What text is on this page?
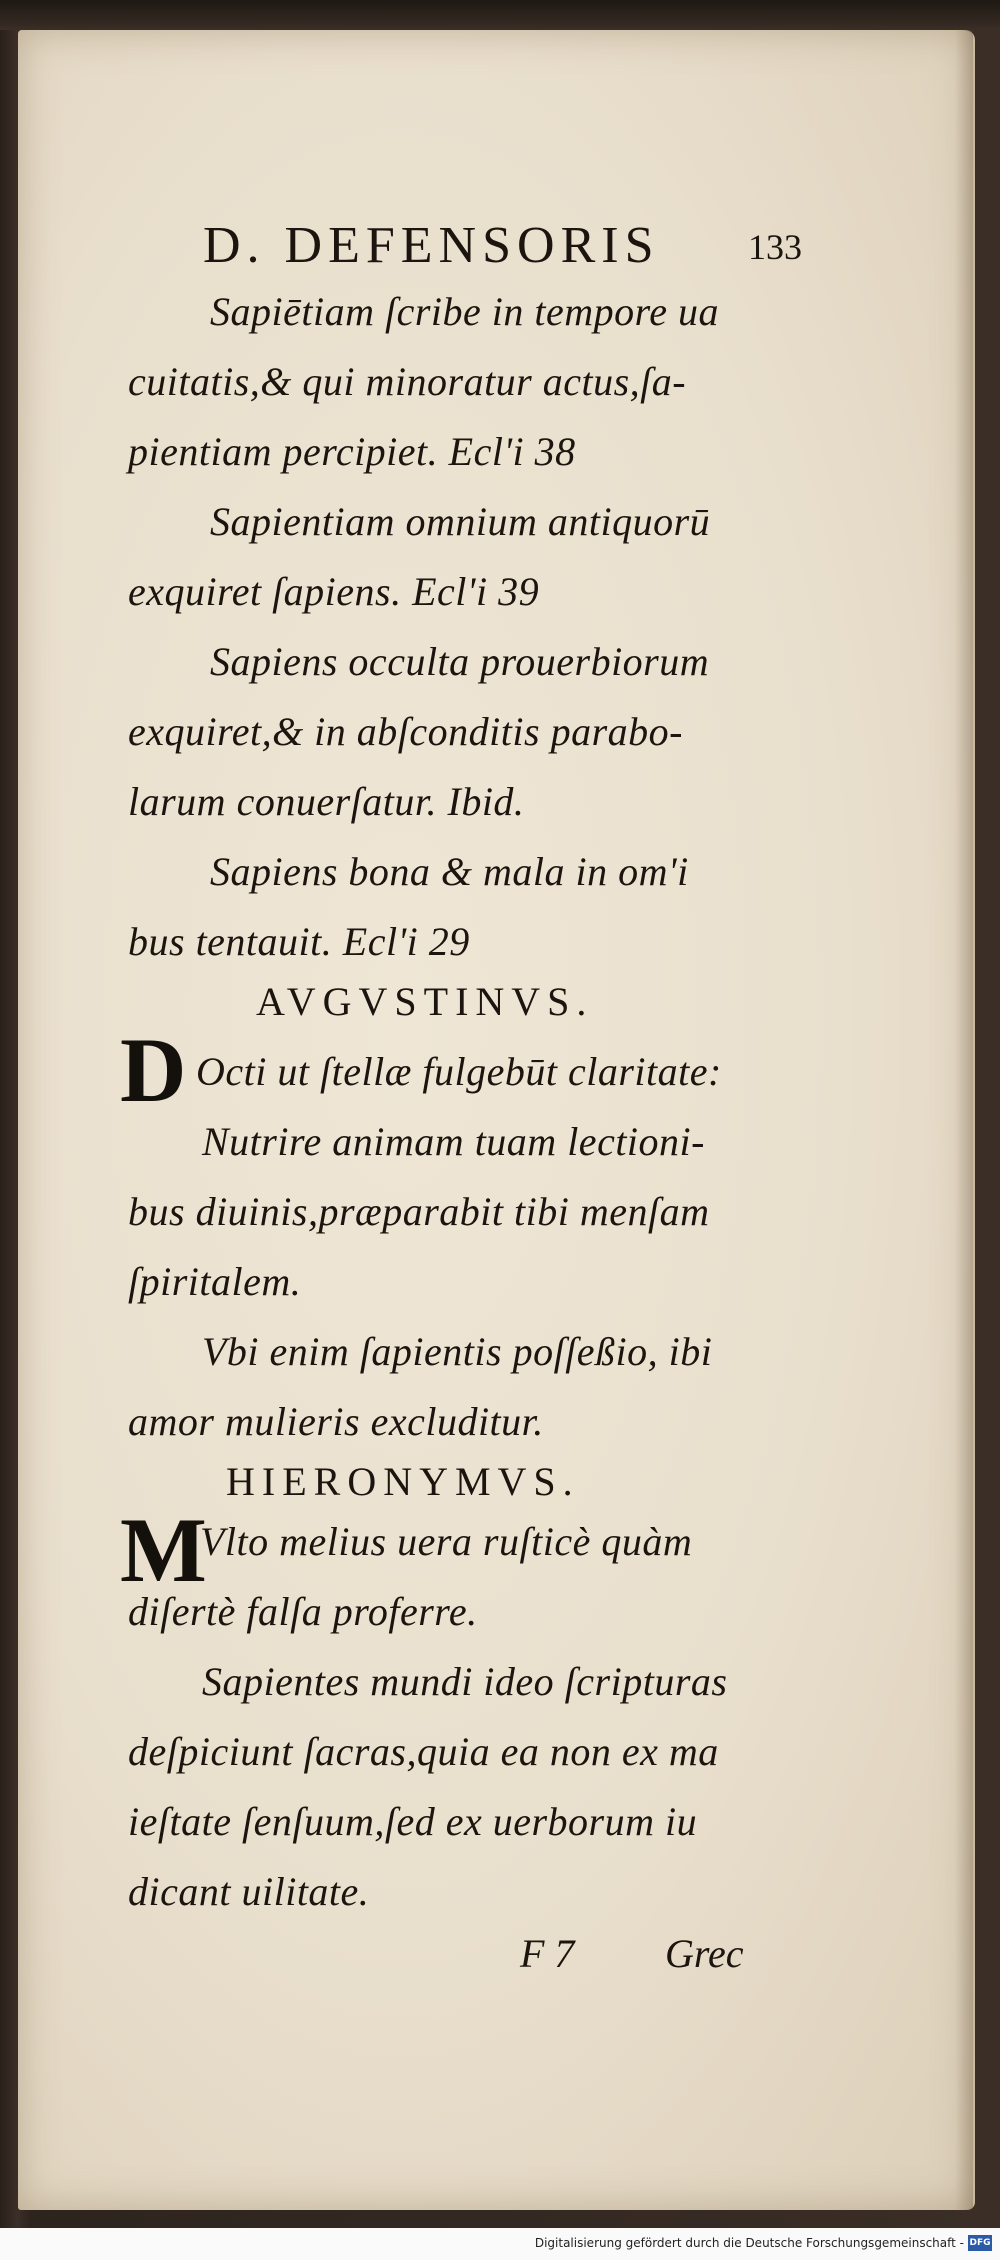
D. DEFENSORIS 133
Sapiētiam ſcribe in tempore ua
cuitatis,& qui minoratur actus,ſa-
pientiam percipiet. Ecl'i 38
Sapientiam omnium antiquorū
exquiret ſapiens. Ecl'i 39
Sapiens occulta prouerbiorum
exquiret,& in abſconditis parabo-
larum conuerſatur. Ibid.
Sapiens bona & mala in om'i
bus tentauit. Ecl'i 29
AVGVSTINVS.
D Octi ut ſtellæ fulgebūt claritate:
Nutrire animam tuam lectioni-
bus diuinis,præparabit tibi menſam
ſpiritalem.
Vbi enim ſapientis poſſeßio, ibi
amor mulieris excluditur.
HIERONYMVS.
M
Vlto melius uera ruſticè quàm
diſertè falſa proferre.
Sapientes mundi ideo ſcripturas
deſpiciunt ſacras,quia ea non ex ma
ieſtate ſenſuum,ſed ex uerborum iu
dicant uilitate.
F 7 Grec
Digitalisierung gefördert durch die Deutsche Forschungsgemeinschaft - DFG
